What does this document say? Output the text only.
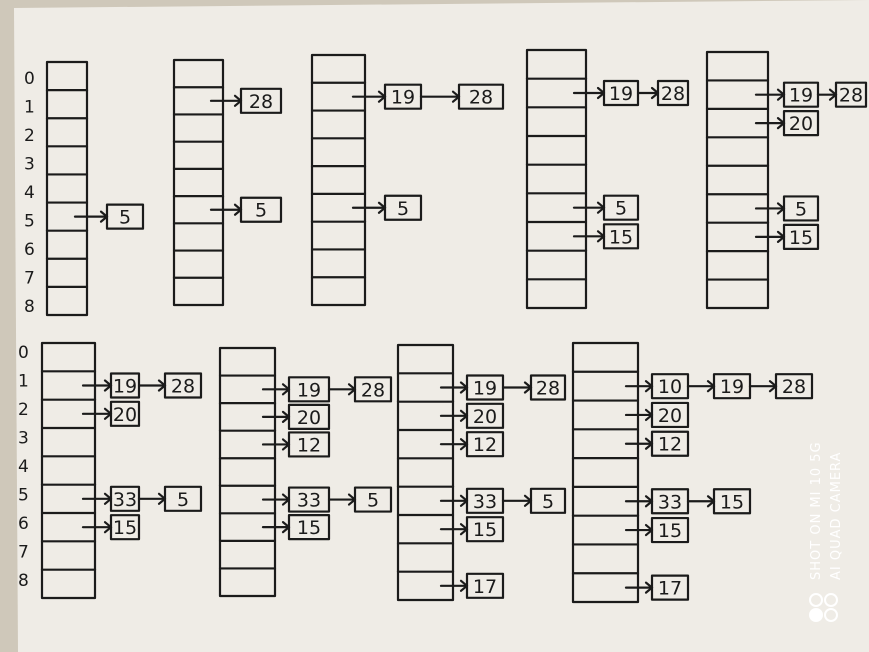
0
1
2
3
4
5
6
7
8
0
1
2
3
4
5
6
7
8
5
28
5
19	28
5
19 28
5
15
19 28
20
5
15
19 28
20
33 5
15
19 28
20
12
33 5
15
19 28
20
12
33 5
15
17
10 19 28
20
12
33 15
15
17
SHOT ON MI 10 5G AI QUAD CAMERA
